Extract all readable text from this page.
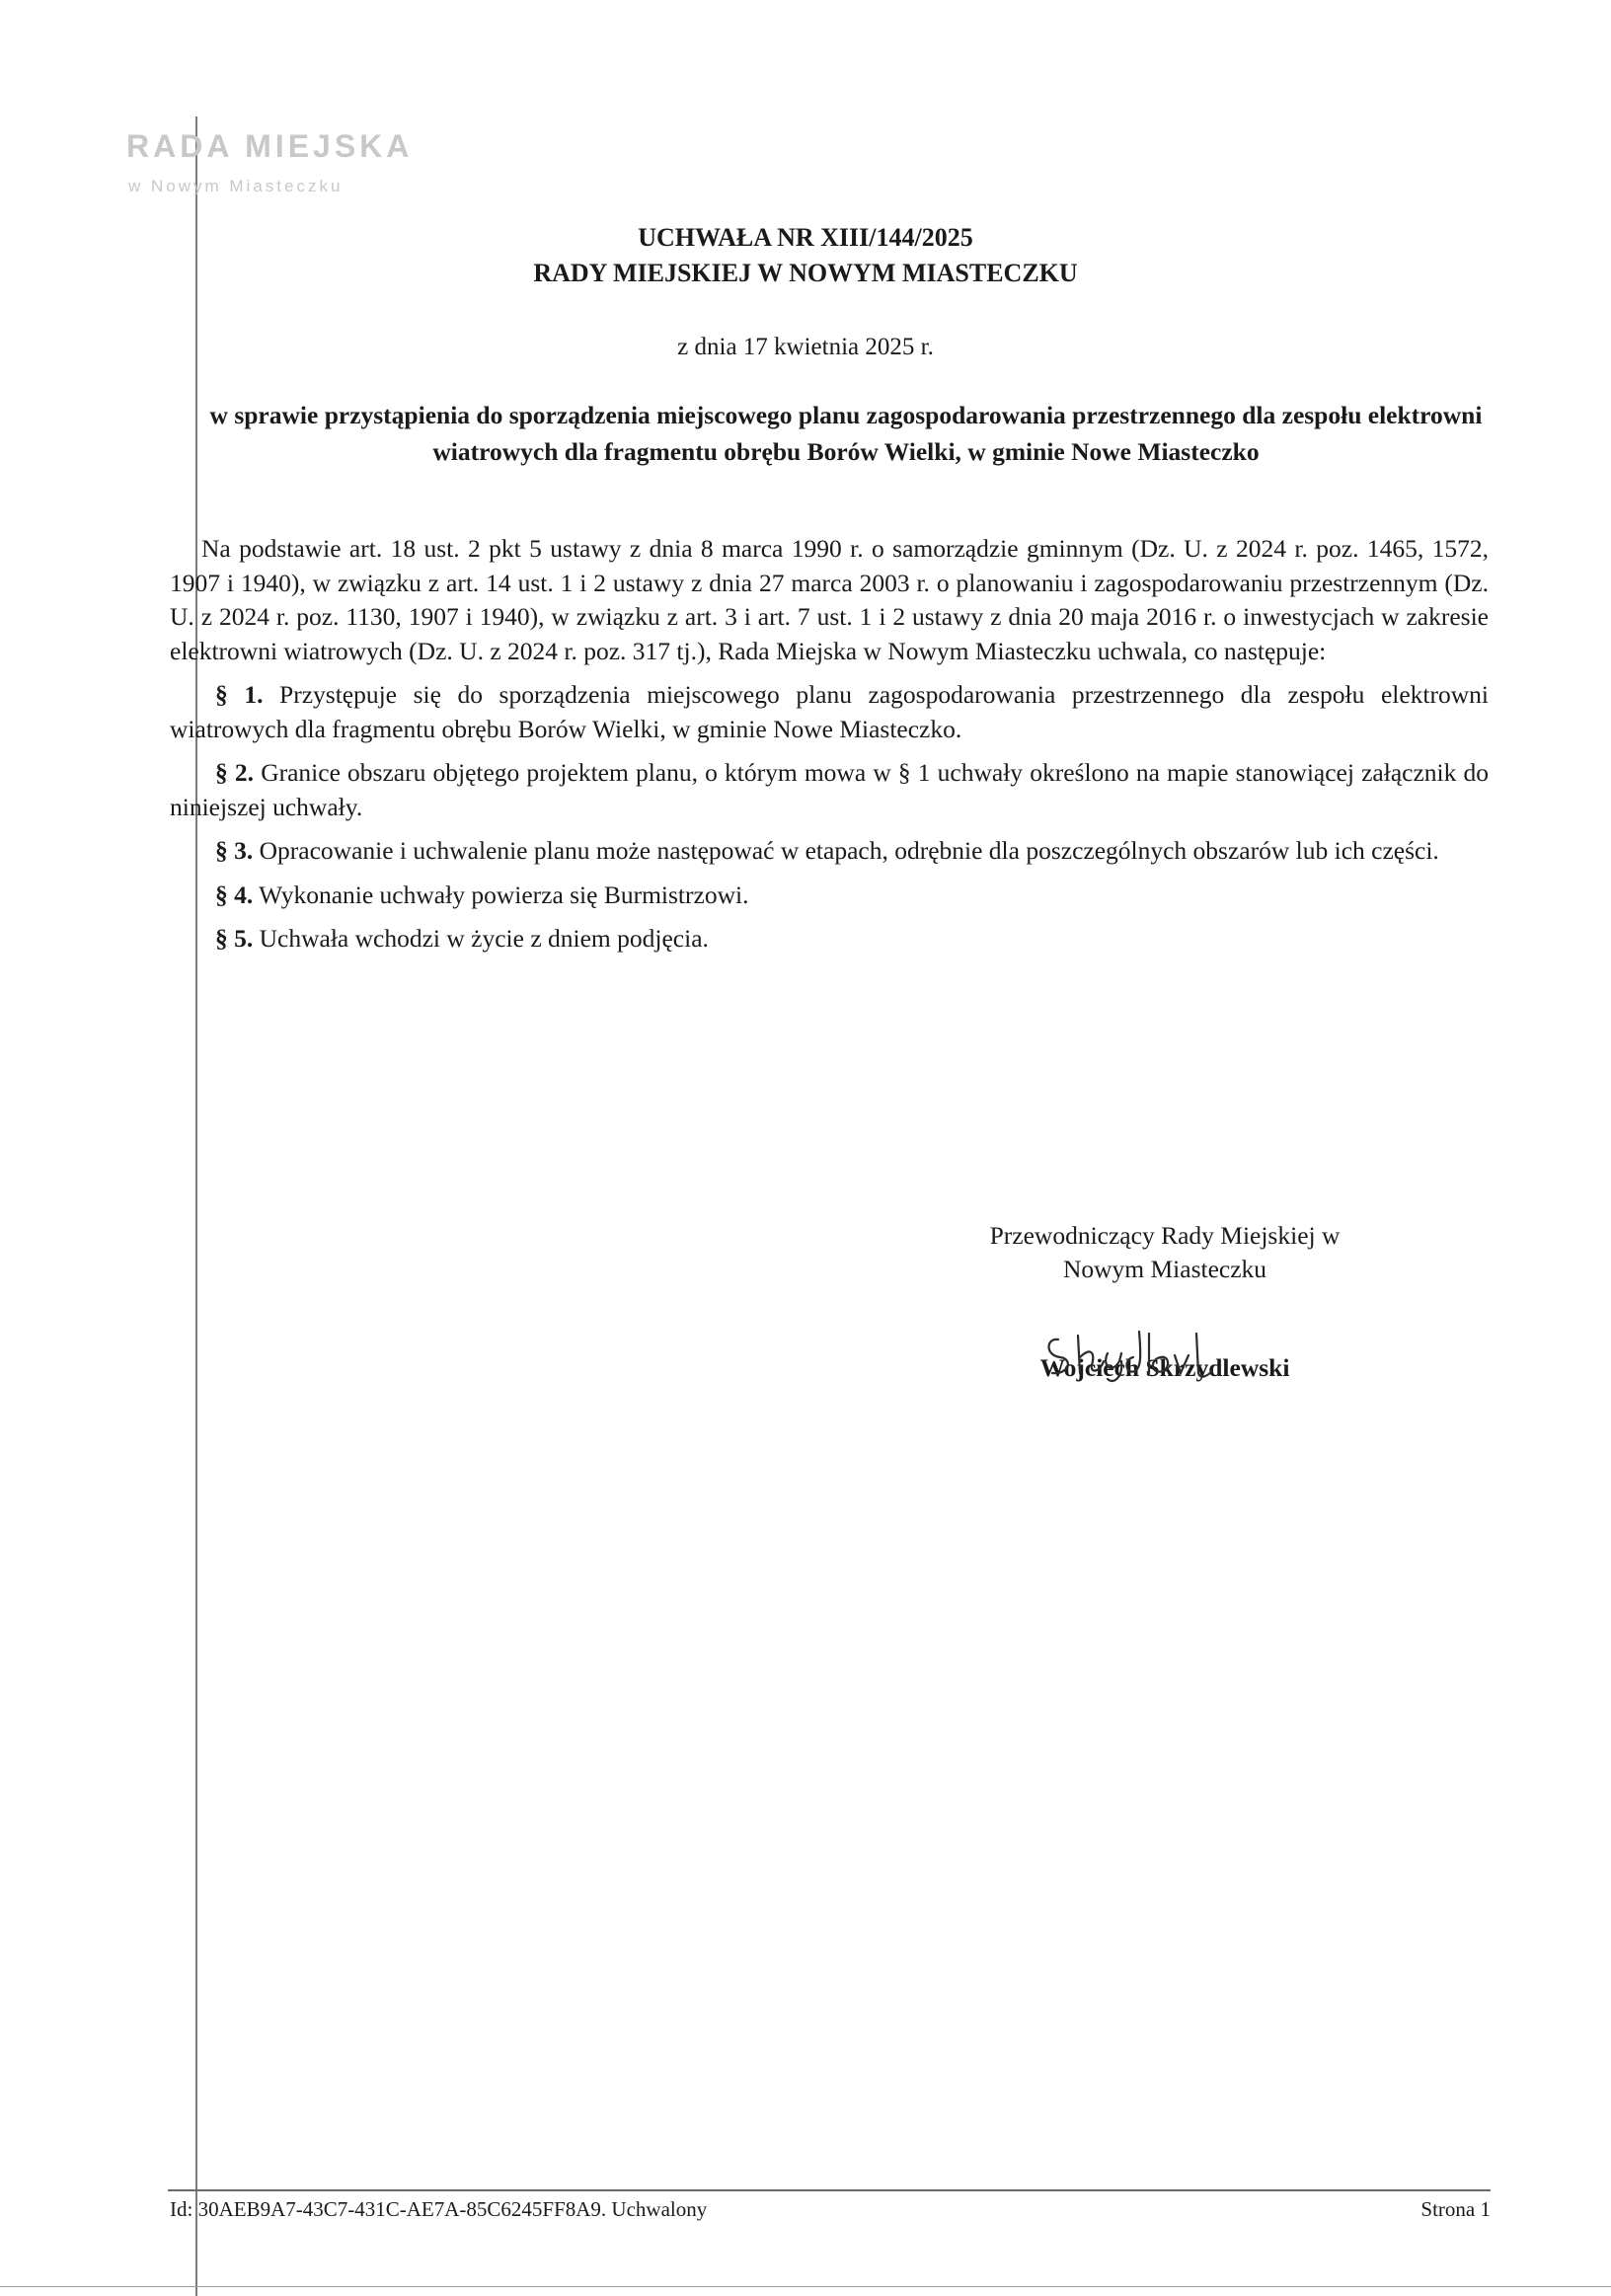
RADA MIEJSKA
w Nowym Miasteczku
UCHWAŁA NR XIII/144/2025
RADY MIEJSKIEJ W NOWYM MIASTECZKU
z dnia 17 kwietnia 2025 r.
w sprawie przystąpienia do sporządzenia miejscowego planu zagospodarowania przestrzennego dla zespołu elektrowni wiatrowych dla fragmentu obrębu Borów Wielki, w gminie Nowe Miasteczko

Na podstawie art. 18 ust. 2 pkt 5 ustawy z dnia 8 marca 1990 r. o samorządzie gminnym (Dz. U. z 2024 r. poz. 1465, 1572, 1907 i 1940), w związku z art. 14 ust. 1 i 2 ustawy z dnia 27 marca 2003 r. o planowaniu i zagospodarowaniu przestrzennym (Dz. U. z 2024 r. poz. 1130, 1907 i 1940), w związku z art. 3 i art. 7 ust. 1 i 2 ustawy z dnia 20 maja 2016 r. o inwestycjach w zakresie elektrowni wiatrowych (Dz. U. z 2024 r. poz. 317 tj.), Rada Miejska w Nowym Miasteczku uchwala, co następuje:

§ 1. Przystępuje się do sporządzenia miejscowego planu zagospodarowania przestrzennego dla zespołu elektrowni wiatrowych dla fragmentu obrębu Borów Wielki, w gminie Nowe Miasteczko.

§ 2. Granice obszaru objętego projektem planu, o którym mowa w § 1 uchwały określono na mapie stanowiącej załącznik do niniejszej uchwały.

§ 3. Opracowanie i uchwalenie planu może następować w etapach, odrębnie dla poszczególnych obszarów lub ich części.

§ 4. Wykonanie uchwały powierza się Burmistrzowi.

§ 5. Uchwała wchodzi w życie z dniem podjęcia.

Przewodniczący Rady Miejskiej w Nowym Miasteczku
Wojciech Skrzydlewski
Id: 30AEB9A7-43C7-431C-AE7A-85C6245FF8A9. Uchwalony	Strona 1
